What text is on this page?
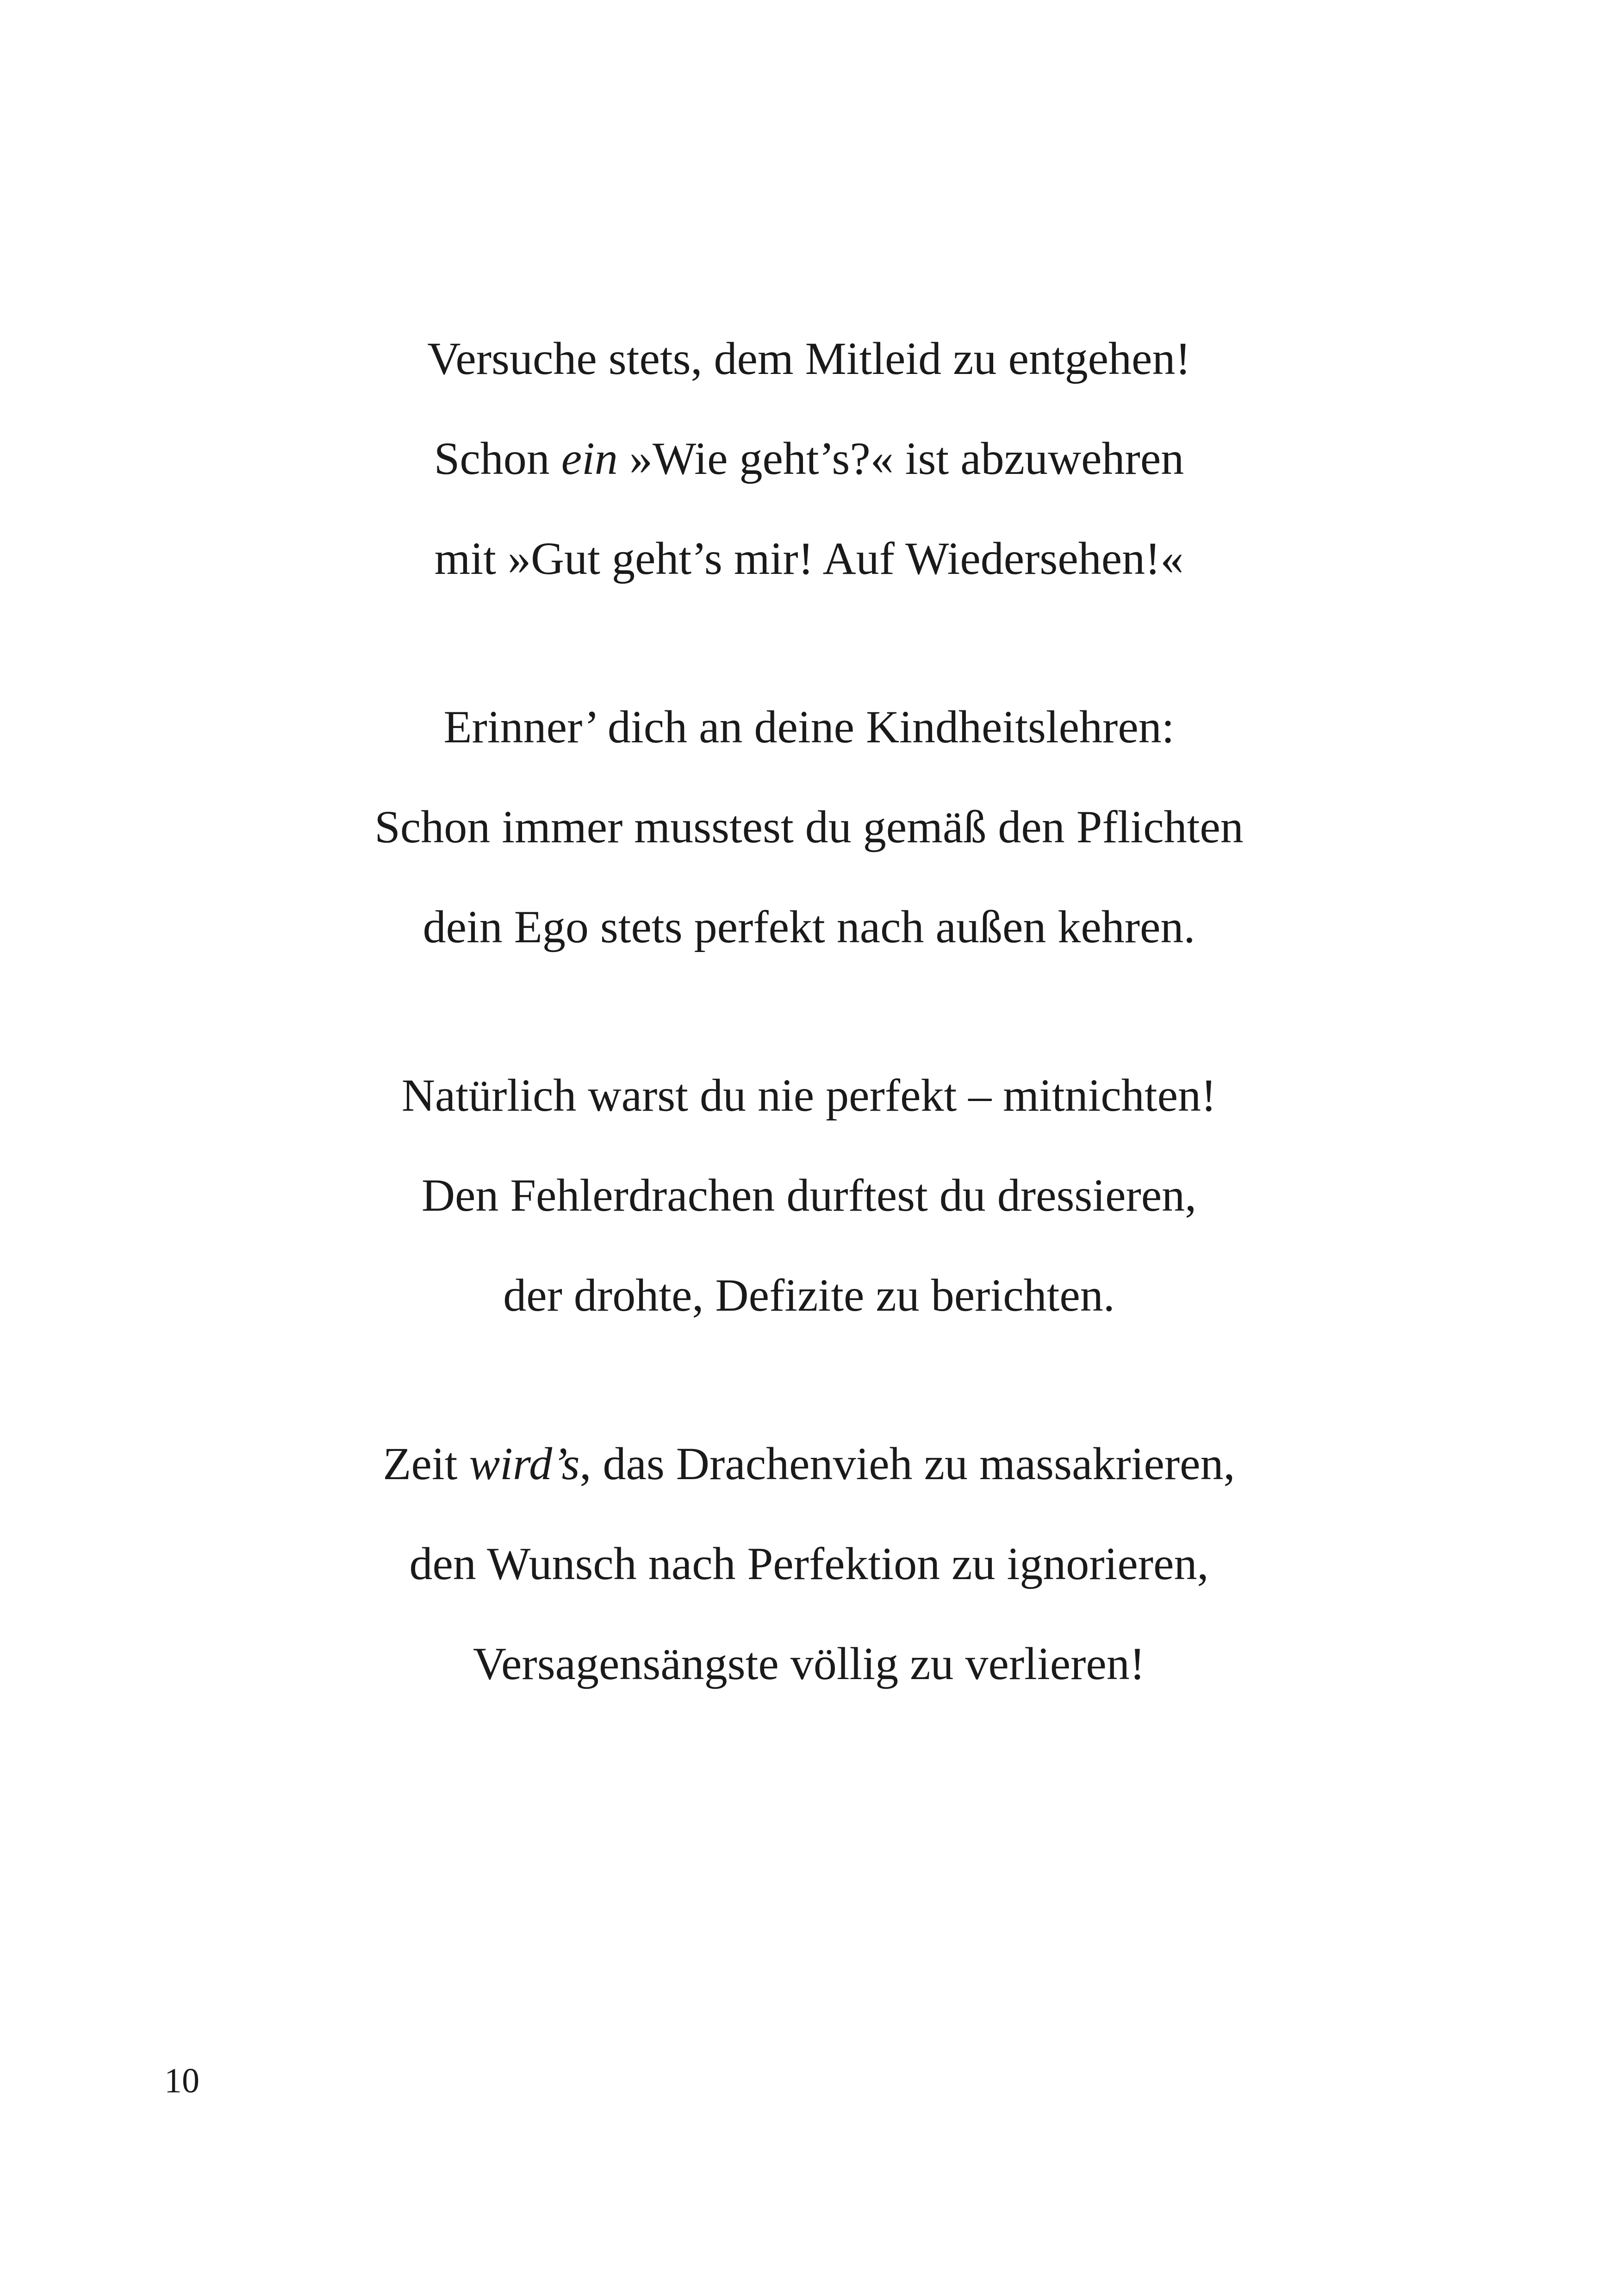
Versuche stets, dem Mitleid zu entgehen!
Schon ein »Wie geht’s?« ist abzuwehren
mit »Gut geht’s mir! Auf Wiedersehen!«
Erinner’ dich an deine Kindheitslehren:
Schon immer musstest du gemäß den Pflichten
dein Ego stets perfekt nach außen kehren.
Natürlich warst du nie perfekt – mitnichten!
Den Fehlerdrachen durftest du dressieren,
der drohte, Defizite zu berichten.
Zeit wird’s, das Drachenvieh zu massakrieren,
den Wunsch nach Perfektion zu ignorieren,
Versagensängste völlig zu verlieren!
10
